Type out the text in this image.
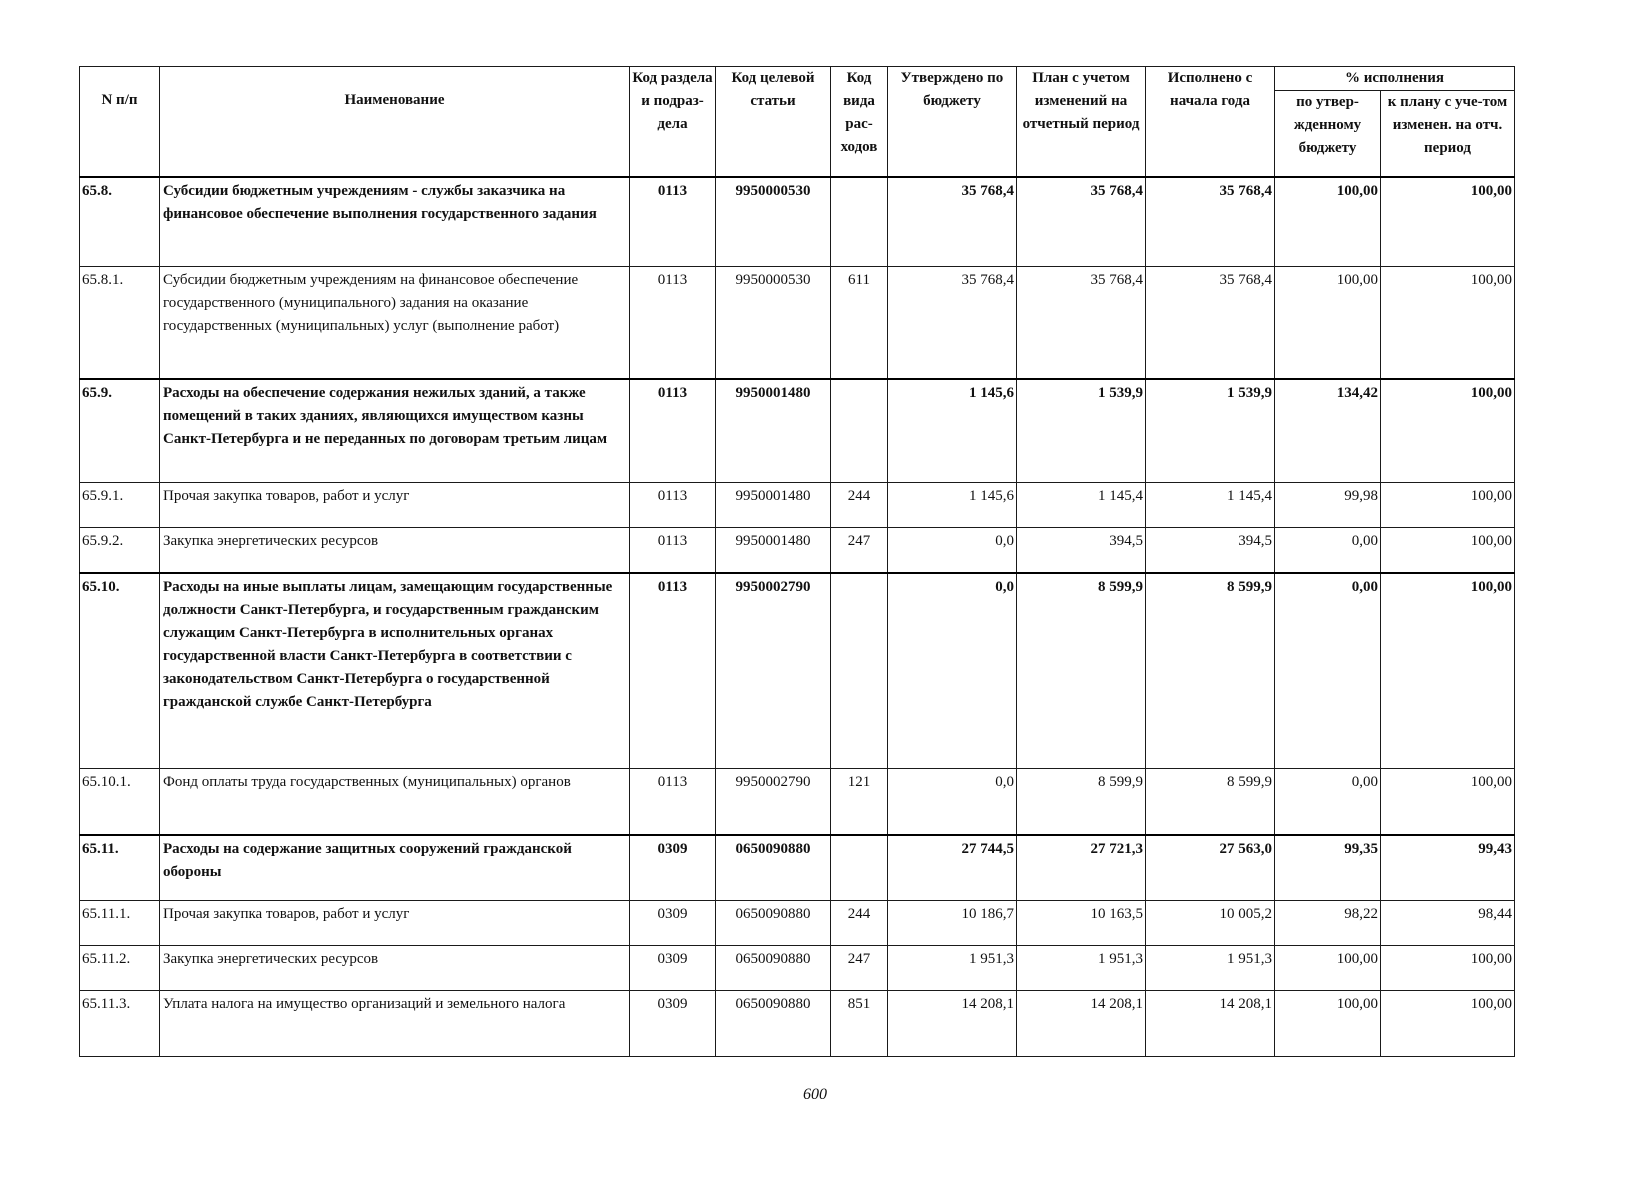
N п/п	Наименование	Код раздела и подраз-дела	Код целевой статьи	Код вида рас-ходов	Утверждено по бюджету	План с учетом изменений на отчетный период	Исполнено с начала года	% исполнения	
								по утвер-жденному бюджету	к плану с уче-том изменен. на отч. период
65.8.	Субсидии бюджетным учреждениям - службы заказчика на финансовое обеспечение выполнения государственного задания	0113	9950000530		35 768,4	35 768,4	35 768,4	100,00	100,00
65.8.1.	Субсидии бюджетным учреждениям на финансовое обеспечение государственного (муниципального) задания на оказание государственных (муниципальных) услуг (выполнение работ)	0113	9950000530	611	35 768,4	35 768,4	35 768,4	100,00	100,00
65.9.	Расходы на обеспечение содержания нежилых зданий, а также помещений в таких зданиях, являющихся имуществом казны Санкт-Петербурга и не переданных по договорам третьим лицам	0113	9950001480		1 145,6	1 539,9	1 539,9	134,42	100,00
65.9.1.	Прочая закупка товаров, работ и услуг	0113	9950001480	244	1 145,6	1 145,4	1 145,4	99,98	100,00
65.9.2.	Закупка энергетических ресурсов	0113	9950001480	247	0,0	394,5	394,5	0,00	100,00
65.10.	Расходы на иные выплаты лицам, замещающим государственные должности Санкт-Петербурга, и государственным гражданским служащим Санкт-Петербурга в исполнительных органах государственной власти Санкт-Петербурга в соответствии с законодательством Санкт-Петербурга о государственной гражданской службе Санкт-Петербурга	0113	9950002790		0,0	8 599,9	8 599,9	0,00	100,00
65.10.1.	Фонд оплаты труда государственных (муниципальных) органов	0113	9950002790	121	0,0	8 599,9	8 599,9	0,00	100,00
65.11.	Расходы на содержание защитных сооружений гражданской обороны	0309	0650090880		27 744,5	27 721,3	27 563,0	99,35	99,43
65.11.1.	Прочая закупка товаров, работ и услуг	0309	0650090880	244	10 186,7	10 163,5	10 005,2	98,22	98,44
65.11.2.	Закупка энергетических ресурсов	0309	0650090880	247	1 951,3	1 951,3	1 951,3	100,00	100,00
65.11.3.	Уплата налога на имущество организаций и земельного налога	0309	0650090880	851	14 208,1	14 208,1	14 208,1	100,00	100,00
600
